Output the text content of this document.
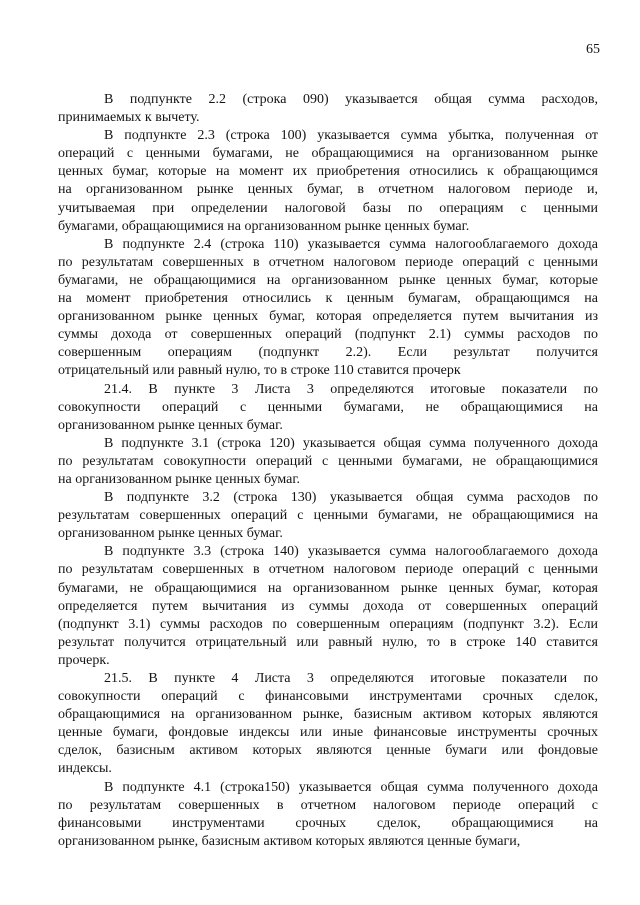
65
В подпункте 2.2 (строка 090) указывается общая сумма расходов,
принимаемых к вычету.
В подпункте 2.3 (строка 100) указывается сумма убытка, полученная от
операций с ценными бумагами, не обращающимися на организованном рынке
ценных бумаг, которые на момент их приобретения относились к обращающимся
на организованном рынке ценных бумаг, в отчетном налоговом периоде и,
учитываемая при определении налоговой базы по операциям с ценными
бумагами, обращающимися на организованном рынке ценных бумаг.
В подпункте 2.4 (строка 110) указывается сумма налогооблагаемого дохода
по результатам совершенных в отчетном налоговом периоде операций с ценными
бумагами, не обращающимися на организованном рынке ценных бумаг, которые
на момент приобретения относились к ценным бумагам, обращающимся на
организованном рынке ценных бумаг, которая определяется путем вычитания из
суммы дохода от совершенных операций (подпункт 2.1) суммы расходов по
совершенным операциям (подпункт 2.2). Если результат получится
отрицательный или равный нулю, то в строке 110 ставится прочерк
21.4. В пункте 3 Листа 3 определяются итоговые показатели по
совокупности операций с ценными бумагами, не обращающимися на
организованном рынке ценных бумаг.
В подпункте 3.1 (строка 120) указывается общая сумма полученного дохода
по результатам совокупности операций с ценными бумагами, не обращающимися
на организованном рынке ценных бумаг.
В подпункте 3.2 (строка 130) указывается общая сумма расходов по
результатам совершенных операций с ценными бумагами, не обращающимися на
организованном рынке ценных бумаг.
В подпункте 3.3 (строка 140) указывается сумма налогооблагаемого дохода
по результатам совершенных в отчетном налоговом периоде операций с ценными
бумагами, не обращающимися на организованном рынке ценных бумаг, которая
определяется путем вычитания из суммы дохода от совершенных операций
(подпункт 3.1) суммы расходов по совершенным операциям (подпункт 3.2). Если
результат получится отрицательный или равный нулю, то в строке 140 ставится
прочерк.
21.5. В пункте 4 Листа 3 определяются итоговые показатели по
совокупности операций с финансовыми инструментами срочных сделок,
обращающимися на организованном рынке, базисным активом которых являются
ценные бумаги, фондовые индексы или иные финансовые инструменты срочных
сделок, базисным активом которых являются ценные бумаги или фондовые
индексы.
В подпункте 4.1 (строка150) указывается общая сумма полученного дохода
по результатам совершенных в отчетном налоговом периоде операций с
финансовыми инструментами срочных сделок, обращающимися на
организованном рынке, базисным активом которых являются ценные бумаги,
